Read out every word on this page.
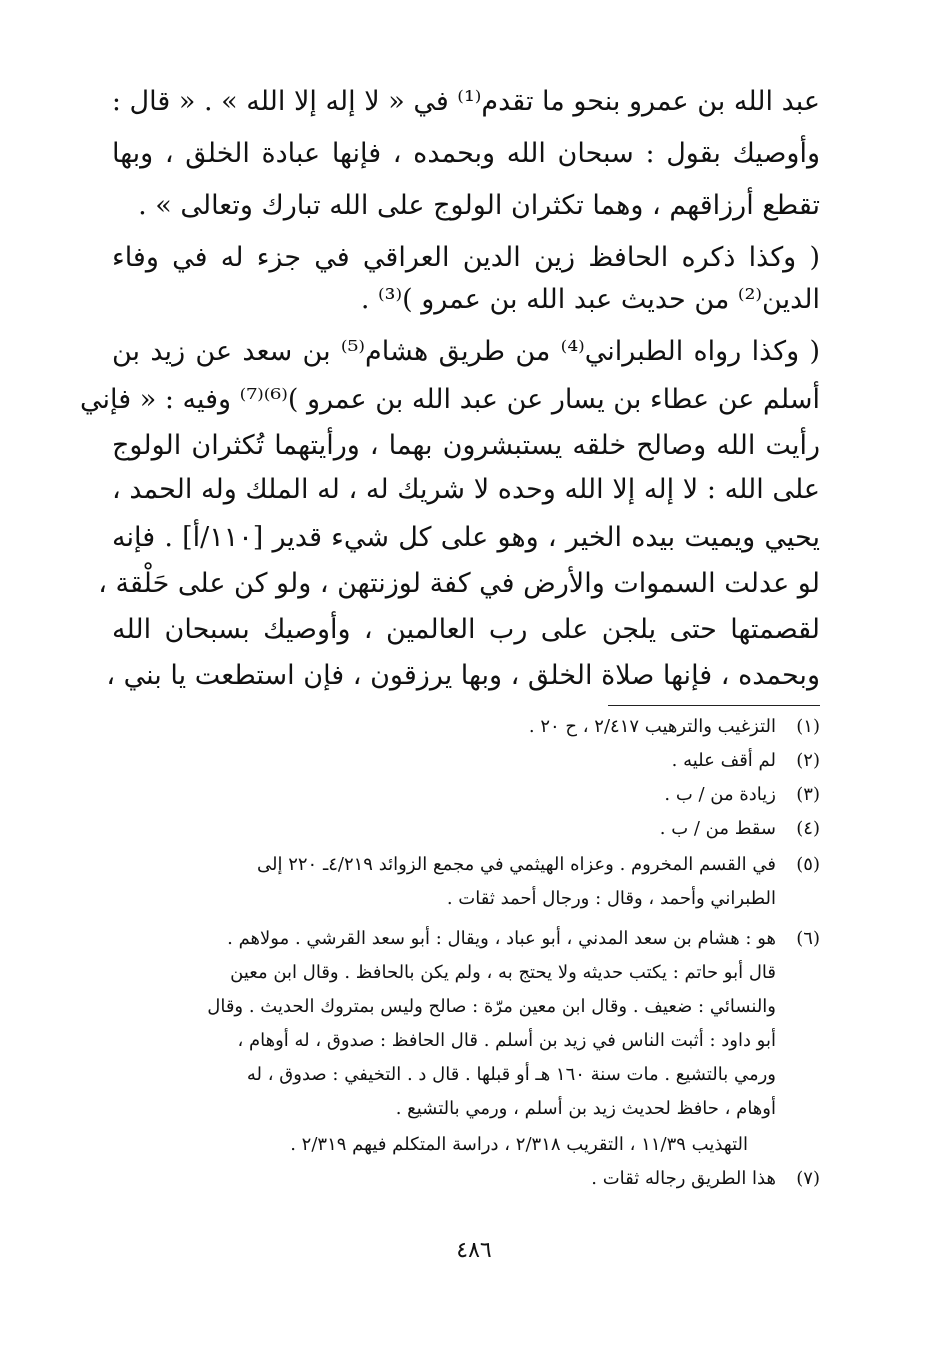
عبد الله بن عمرو بنحو ما تقدم⁽¹⁾ في « لا إله إلا الله » . « قال :
وأوصيك بقول : سبحان الله وبحمده ، فإنها عبادة الخلق ، وبها
تقطع أرزاقهم ، وهما تكثران الولوج على الله تبارك وتعالى » .
( وكذا ذكره الحافظ زين الدين العراقي في جزء له في وفاء
الدين⁽²⁾ من حديث عبد الله بن عمرو )⁽³⁾ .
( وكذا رواه الطبراني⁽⁴⁾ من طريق هشام⁽⁵⁾ بن سعد عن زيد بن
أسلم عن عطاء بن يسار عن عبد الله بن عمرو )⁽⁶⁾⁽⁷⁾ وفيه : « فإني
رأيت الله وصالح خلقه يستبشرون بهما ، ورأيتهما تُكثران الولوج
على الله : لا إله إلا الله وحده لا شريك له ، له الملك وله الحمد ،
يحيي ويميت بيده الخير ، وهو على كل شيء قدير [١١٠/أ] . فإنه
لو عدلت السموات والأرض في كفة لوزنتهن ، ولو كن على حَلْقة ،
لقصمتها حتى يلجن على رب العالمين ، وأوصيك بسبحان الله
وبحمده ، فإنها صلاة الخلق ، وبها يرزقون ، فإن استطعت يا بني ،
(١)التزغيب والترهيب ٢/٤١٧ ، ح ٢٠ .
(٢)لم أقف عليه .
(٣)زيادة من / ب .
(٤)سقط من / ب .
(٥)في القسم المخروم . وعزاه الهيثمي في مجمع الزوائد ٤/٢١٩ـ ٢٢٠ إلى
الطبراني وأحمد ، وقال : ورجال أحمد ثقات .
(٦)هو : هشام بن سعد المدني ، أبو عباد ، ويقال : أبو سعد القرشي . مولاهم .
قال أبو حاتم : يكتب حديثه ولا يحتج به ، ولم يكن بالحافظ . وقال ابن معين
والنسائي : ضعيف . وقال ابن معين مرّة : صالح وليس بمتروك الحديث . وقال
أبو داود : أثبت الناس في زيد بن أسلم . قال الحافظ : صدوق ، له أوهام ،
ورمي بالتشيع . مات سنة ١٦٠ هـ أو قبلها . قال د . التخيفي : صدوق ، له
أوهام ، حافظ لحديث زيد بن أسلم ، ورمي بالتشيع .
التهذيب ١١/٣٩ ، التقريب ٢/٣١٨ ، دراسة المتكلم فيهم ٢/٣١٩ .
(٧)هذا الطريق رجاله ثقات .
٤٨٦
